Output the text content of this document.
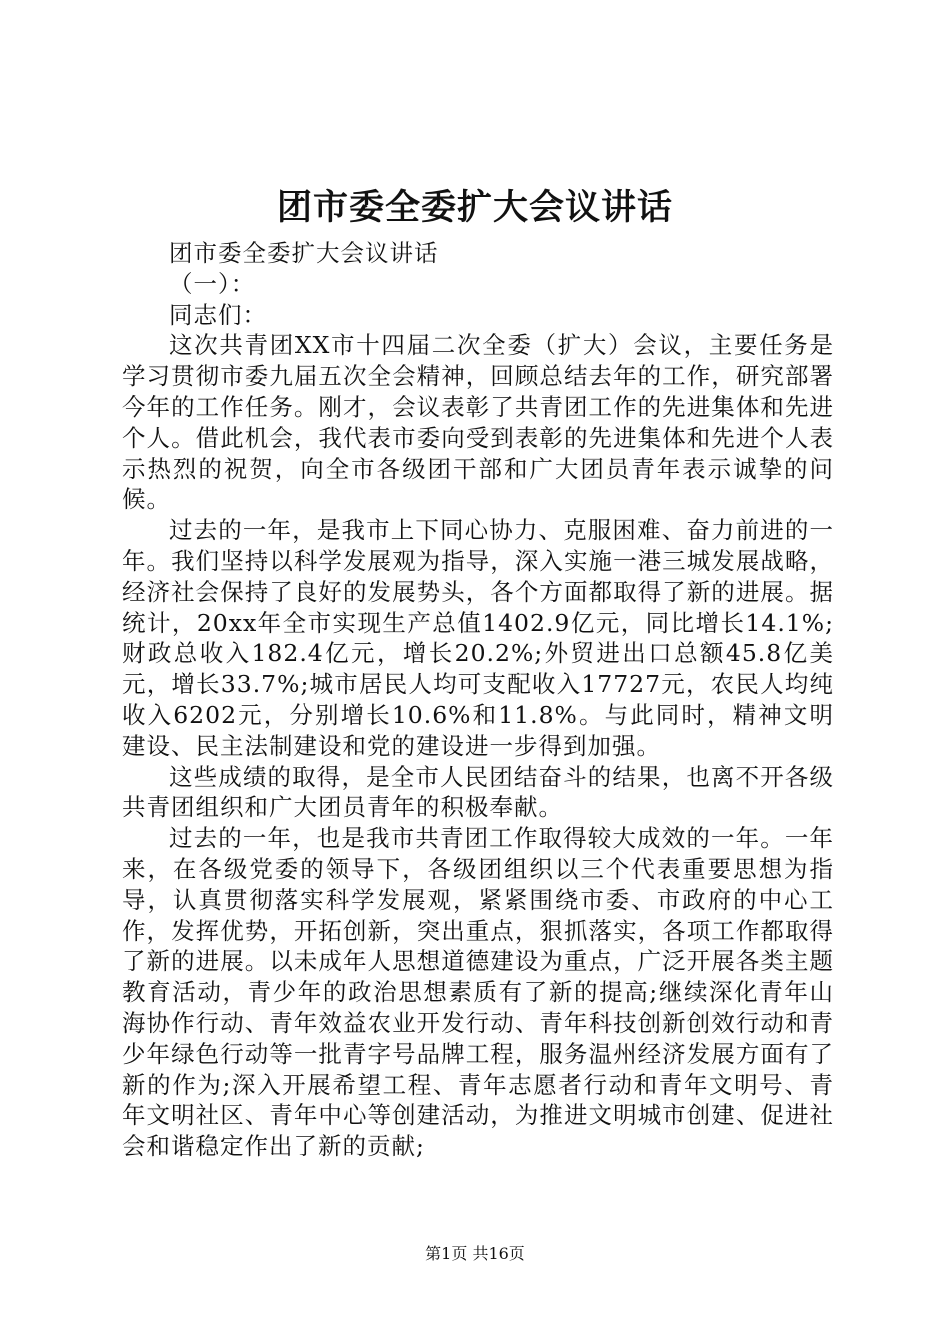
团市委全委扩大会议讲话

团市委全委扩大会议讲话

（一）：

同志们：

这次共青团XX市十四届二次全委（扩大）会议，主要任务是学习贯彻市委九届五次全会精神，回顾总结去年的工作，研究部署今年的工作任务。刚才，会议表彰了共青团工作的先进集体和先进个人。借此机会，我代表市委向受到表彰的先进集体和先进个人表示热烈的祝贺，向全市各级团干部和广大团员青年表示诚挚的问候。

过去的一年，是我市上下同心协力、克服困难、奋力前进的一年。我们坚持以科学发展观为指导，深入实施一港三城发展战略，经济社会保持了良好的发展势头，各个方面都取得了新的进展。据统计，20xx年全市实现生产总值1402.9亿元，同比增长14.1%;财政总收入182.4亿元，增长20.2%;外贸进出口总额45.8亿美元，增长33.7%;城市居民人均可支配收入17727元，农民人均纯收入6202元，分别增长10.6%和11.8%。与此同时，精神文明建设、民主法制建设和党的建设进一步得到加强。

这些成绩的取得，是全市人民团结奋斗的结果，也离不开各级共青团组织和广大团员青年的积极奉献。

过去的一年，也是我市共青团工作取得较大成效的一年。一年来，在各级党委的领导下，各级团组织以三个代表重要思想为指导，认真贯彻落实科学发展观，紧紧围绕市委、市政府的中心工作，发挥优势，开拓创新，突出重点，狠抓落实，各项工作都取得了新的进展。以未成年人思想道德建设为重点，广泛开展各类主题教育活动，青少年的政治思想素质有了新的提高;继续深化青年山海协作行动、青年效益农业开发行动、青年科技创新创效行动和青少年绿色行动等一批青字号品牌工程，服务温州经济发展方面有了新的作为;深入开展希望工程、青年志愿者行动和青年文明号、青年文明社区、青年中心等创建活动，为推进文明城市创建、促进社会和谐稳定作出了新的贡献;

第1页 共16页
